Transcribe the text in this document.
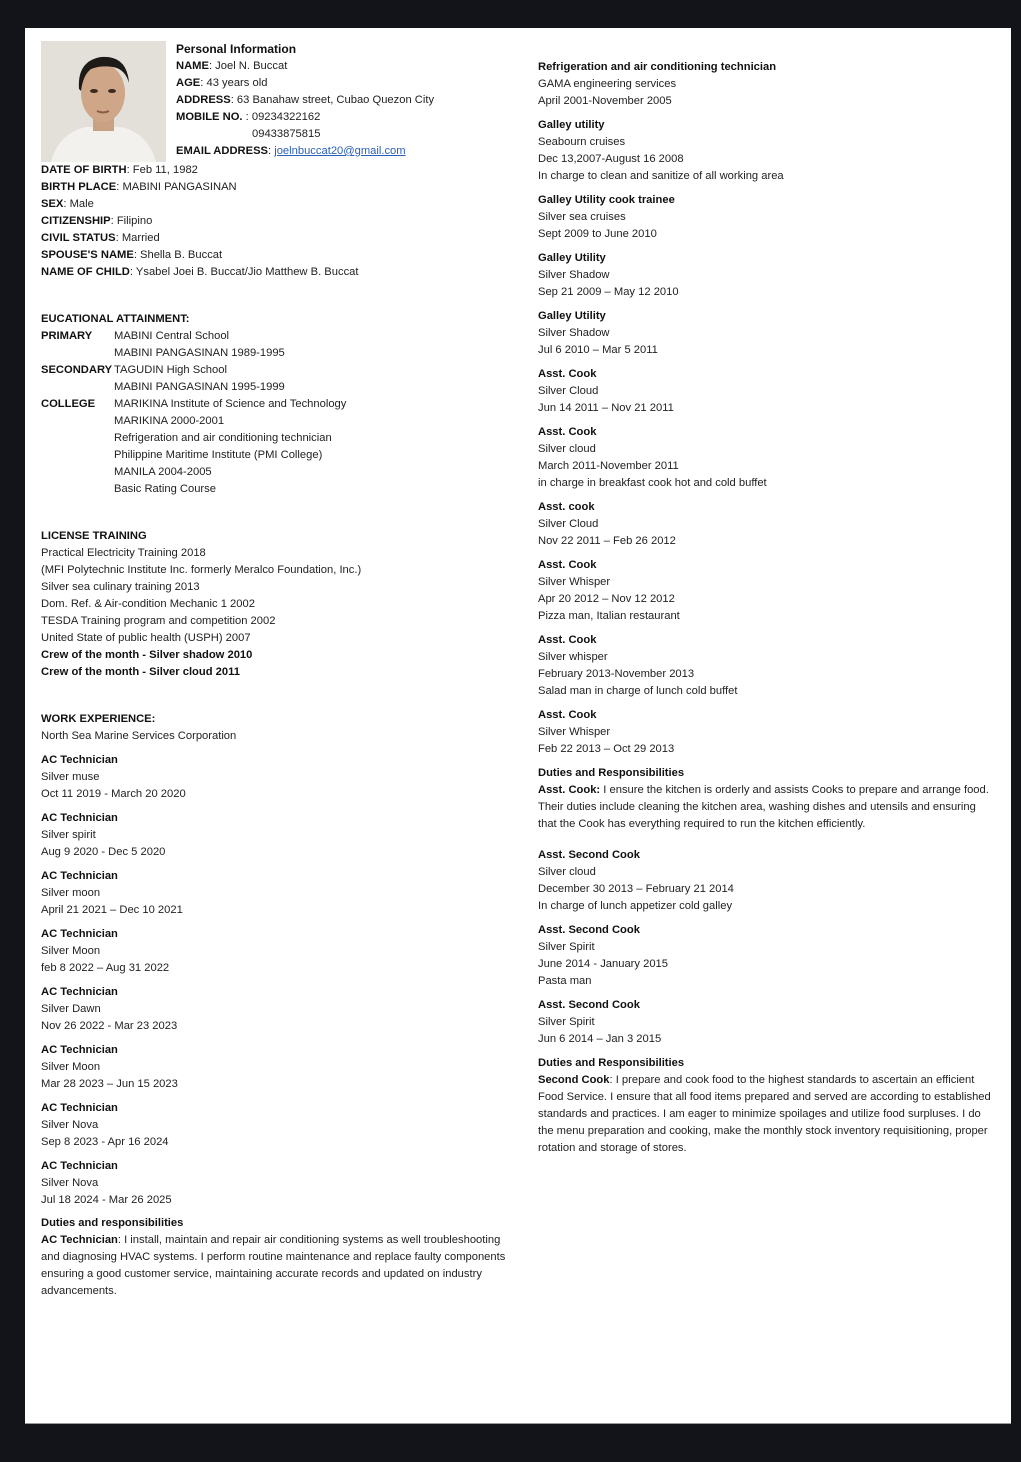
Personal Information
NAME: Joel N. Buccat
AGE: 43 years old
ADDRESS: 63 Banahaw street, Cubao Quezon City
MOBILE NO. : 09234322162
09433875815
EMAIL ADDRESS: joelnbuccat20@gmail.com
DATE OF BIRTH: Feb 11, 1982
BIRTH PLACE: MABINI PANGASINAN
SEX: Male
CITIZENSHIP: Filipino
CIVIL STATUS: Married
SPOUSE'S NAME: Shella B. Buccat
NAME OF CHILD: Ysabel Joei B. Buccat/Jio Matthew B. Buccat
EUCATIONAL ATTAINMENT:
PRIMARY	MABINI Central School
MABINI PANGASINAN 1989-1995
SECONDARY TAGUDIN High School
MABINI PANGASINAN 1995-1999
COLLEGE	MARIKINA Institute of Science and Technology
MARIKINA 2000-2001
Refrigeration and air conditioning technician
Philippine Maritime Institute (PMI College)
MANILA 2004-2005
Basic Rating Course
LICENSE TRAINING
Practical Electricity Training 2018
(MFI Polytechnic Institute Inc. formerly Meralco Foundation, Inc.)
Silver sea culinary training 2013
Dom. Ref. & Air-condition Mechanic 1 2002
TESDA Training program and competition 2002
United State of public health (USPH) 2007
Crew of the month - Silver shadow 2010
Crew of the month - Silver cloud 2011
WORK EXPERIENCE:
North Sea Marine Services Corporation
AC Technician
Silver muse
Oct 11 2019 - March 20 2020
AC Technician
Silver spirit
Aug 9 2020 - Dec 5 2020
AC Technician
Silver moon
April 21 2021 – Dec 10 2021
AC Technician
Silver Moon
feb 8 2022 – Aug 31 2022
AC Technician
Silver Dawn
Nov 26 2022 - Mar 23 2023
AC Technician
Silver Moon
Mar 28 2023 – Jun 15 2023
AC Technician
Silver Nova
Sep 8 2023 - Apr 16 2024
AC Technician
Silver Nova
Jul 18 2024 - Mar 26 2025
Duties and responsibilities

AC Technician: I install, maintain and repair air conditioning systems as well troubleshooting and diagnosing HVAC systems. I perform routine maintenance and replace faulty components ensuring a good customer service, maintaining accurate records and updated on industry advancements.

Refrigeration and air conditioning technician
GAMA engineering services
April 2001-November 2005
Galley utility
Seabourn cruises
Dec 13,2007-August 16 2008
In charge to clean and sanitize of all working area
Galley Utility cook trainee
Silver sea cruises
Sept 2009 to June 2010
Galley Utility
Silver Shadow
Sep 21 2009 – May 12 2010
Galley Utility
Silver Shadow
Jul 6 2010 – Mar 5 2011
Asst. Cook
Silver Cloud
Jun 14 2011 – Nov 21 2011
Asst. Cook
Silver cloud
March 2011-November 2011
in charge in breakfast cook hot and cold buffet
Asst. cook
Silver Cloud
Nov 22 2011 – Feb 26 2012
Asst. Cook
Silver Whisper
Apr 20 2012 – Nov 12 2012
Pizza man, Italian restaurant
Asst. Cook
Silver whisper
February 2013-November 2013
Salad man in charge of lunch cold buffet
Asst. Cook
Silver Whisper
Feb 22 2013 – Oct 29 2013
Duties and Responsibilities

Asst. Cook: I ensure the kitchen is orderly and assists Cooks to prepare and arrange food. Their duties include cleaning the kitchen area, washing dishes and utensils and ensuring that the Cook has everything required to run the kitchen efficiently.

Asst. Second Cook
Silver cloud
December 30 2013 – February 21 2014
In charge of lunch appetizer cold galley
Asst. Second Cook
Silver Spirit
June 2014 - January 2015
Pasta man
Asst. Second Cook
Silver Spirit
Jun 6 2014 – Jan 3 2015
Duties and Responsibilities

Second Cook: I prepare and cook food to the highest standards to ascertain an efficient Food Service. I ensure that all food items prepared and served are according to established standards and practices. I am eager to minimize spoilages and utilize food surpluses. I do the menu preparation and cooking, make the monthly stock inventory requisitioning, proper rotation and storage of stores.
